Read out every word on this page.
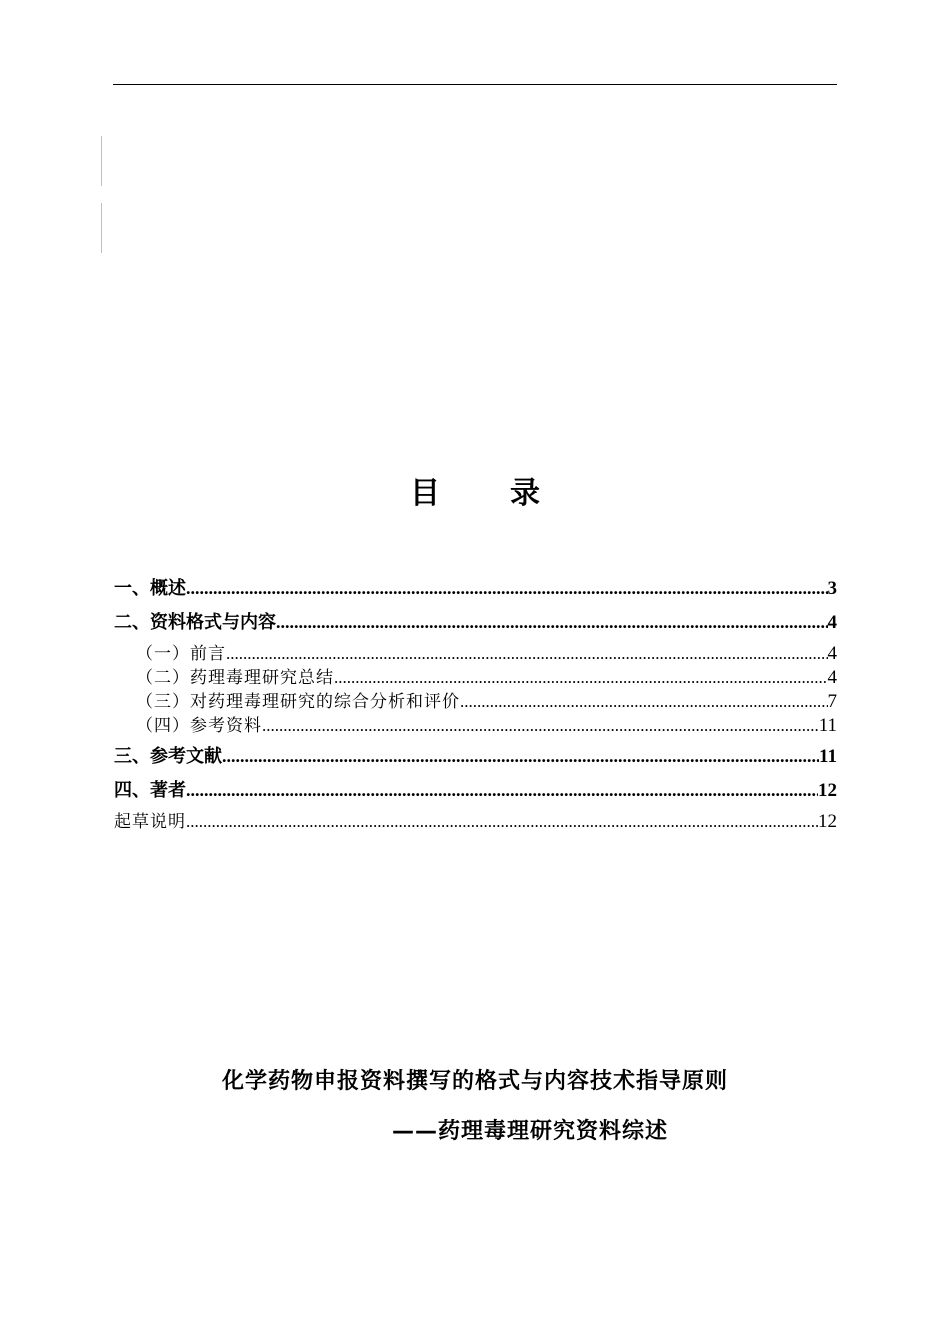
目 录
一、概述 .....	3
二、资料格式与内容 .....	4
（一）前言 .....	4
（二）药理毒理研究总结 .....	4
（三）对药理毒理研究的综合分析和评价 .....	7
（四）参考资料 .....	11
三、参考文献 .....	11
四、著者 .....	12
起草说明 .....	12
化学药物申报资料撰写的格式与内容技术指导原则
——药理毒理研究资料综述
